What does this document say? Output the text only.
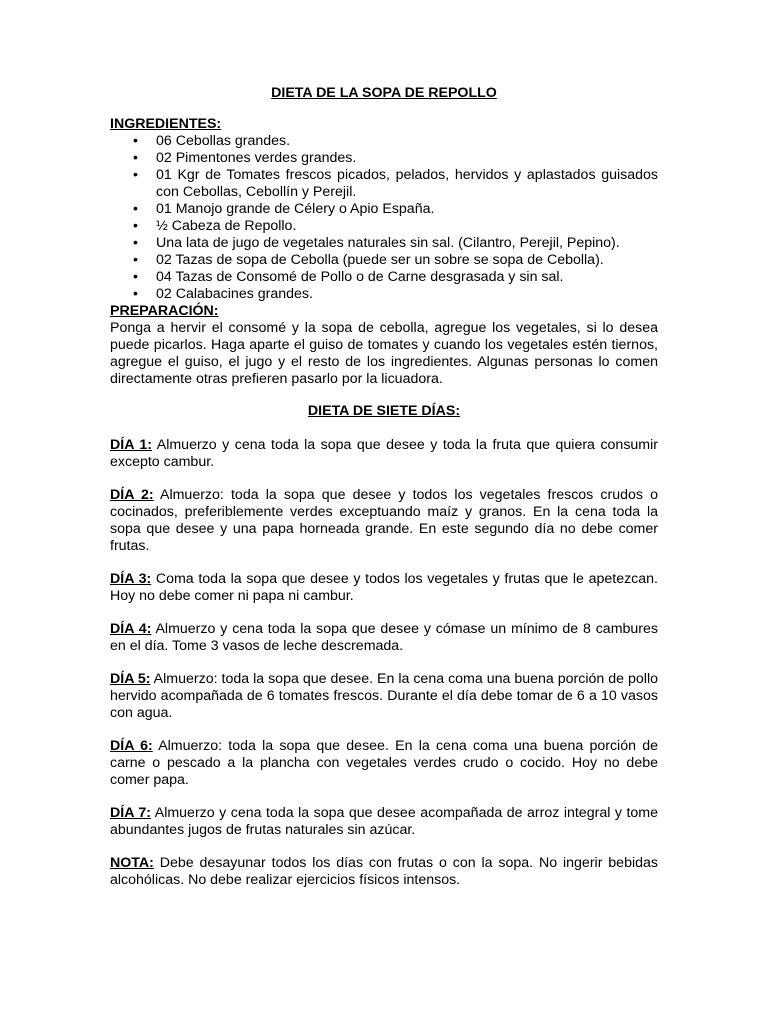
DIETA DE LA SOPA DE REPOLLO
INGREDIENTES:
• 06 Cebollas grandes.
• 02 Pimentones verdes grandes.
• 01 Kgr de Tomates frescos picados, pelados, hervidos y aplastados guisados con Cebollas, Cebollín y Perejil.
• 01 Manojo grande de Célery o Apio España.
• ½ Cabeza de Repollo.
• Una lata de jugo de vegetales naturales sin sal. (Cilantro, Perejil, Pepino).
• 02 Tazas de sopa de Cebolla (puede ser un sobre se sopa de Cebolla).
• 04 Tazas de Consomé de Pollo o de Carne desgrasada y sin sal.
• 02 Calabacines grandes.
PREPARACIÓN:

Ponga a hervir el consomé y la sopa de cebolla, agregue los vegetales, si lo desea puede picarlos. Haga aparte el guiso de tomates y cuando los vegetales estén tiernos, agregue el guiso, el jugo y el resto de los ingredientes. Algunas personas lo comen directamente otras prefieren pasarlo por la licuadora.

DIETA DE SIETE DÍAS:

DÍA 1: Almuerzo y cena toda la sopa que desee y toda la fruta que quiera consumir excepto cambur.

DÍA 2: Almuerzo: toda la sopa que desee y todos los vegetales frescos crudos o cocinados, preferiblemente verdes exceptuando maíz y granos. En la cena toda la sopa que desee y una papa horneada grande. En este segundo día no debe comer frutas.

DÍA 3: Coma toda la sopa que desee y todos los vegetales y frutas que le apetezcan. Hoy no debe comer ni papa ni cambur.

DÍA 4: Almuerzo y cena toda la sopa que desee y cómase un mínimo de 8 cambures en el día. Tome 3 vasos de leche descremada.

DÍA 5: Almuerzo: toda la sopa que desee. En la cena coma una buena porción de pollo hervido acompañada de 6 tomates frescos. Durante el día debe tomar de 6 a 10 vasos con agua.

DÍA 6: Almuerzo: toda la sopa que desee. En la cena coma una buena porción de carne o pescado a la plancha con vegetales verdes crudo o cocido. Hoy no debe comer papa.

DÍA 7: Almuerzo y cena toda la sopa que desee acompañada de arroz integral y tome abundantes jugos de frutas naturales sin azúcar.

NOTA: Debe desayunar todos los días con frutas o con la sopa. No ingerir bebidas alcohólicas. No debe realizar ejercicios físicos intensos.
